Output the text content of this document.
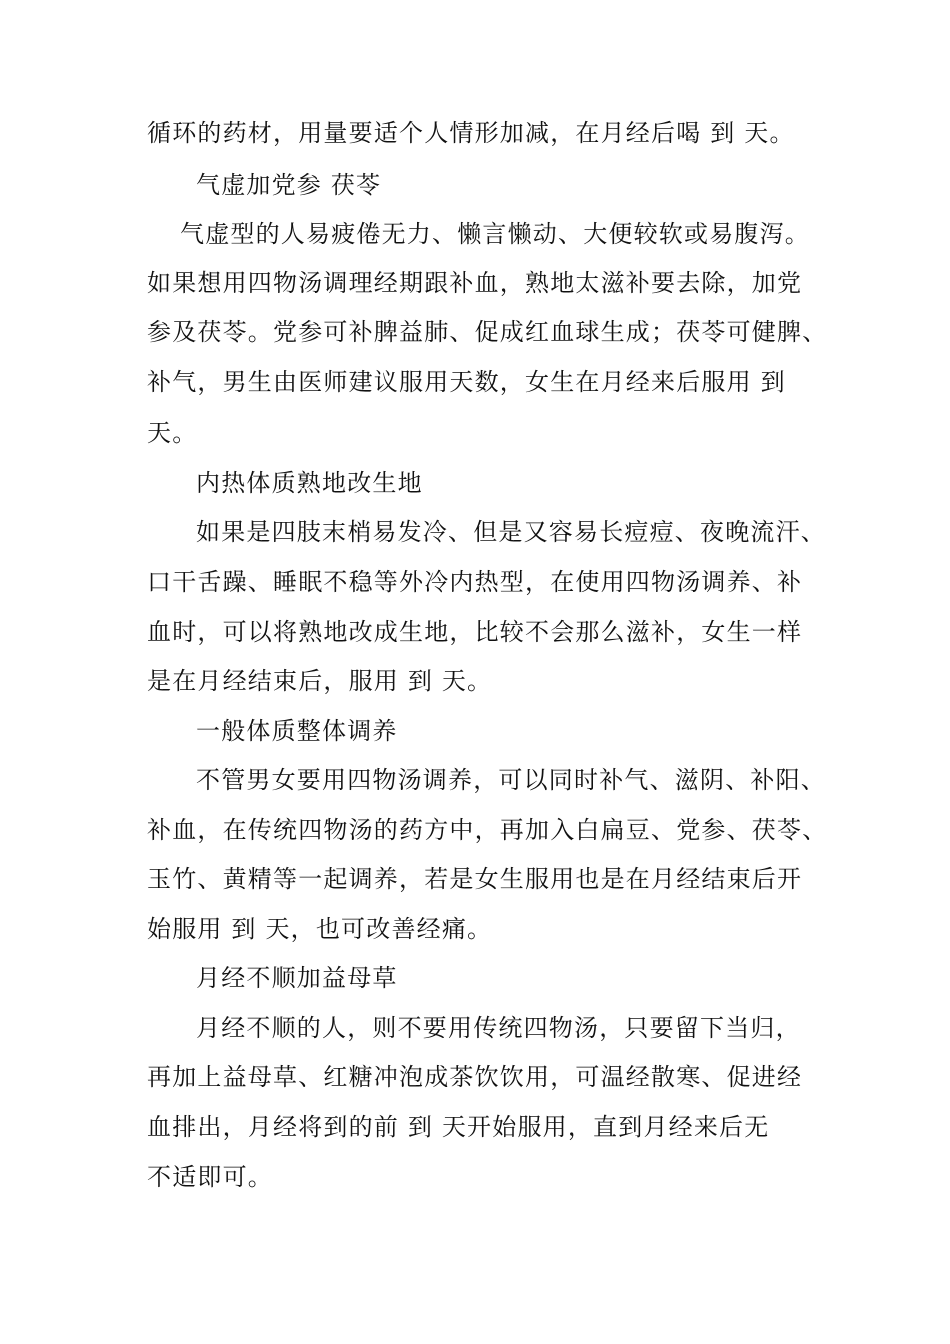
循环的药材，用量要适个人情形加减，在月经后喝 到 天。
气虚加党参 茯苓
气虚型的人易疲倦无力、懒言懒动、大便较软或易腹泻。
如果想用四物汤调理经期跟补血，熟地太滋补要去除，加党
参及茯苓。党参可补脾益肺、促成红血球生成；茯苓可健脾、
补气，男生由医师建议服用天数，女生在月经来后服用 到
天。
内热体质熟地改生地
如果是四肢末梢易发冷、但是又容易长痘痘、夜晚流汗、
口干舌躁、睡眠不稳等外冷内热型，在使用四物汤调养、补
血时，可以将熟地改成生地，比较不会那么滋补，女生一样
是在月经结束后，服用 到 天。
一般体质整体调养
不管男女要用四物汤调养，可以同时补气、滋阴、补阳、
补血，在传统四物汤的药方中，再加入白扁豆、党参、茯苓、
玉竹、黄精等一起调养，若是女生服用也是在月经结束后开
始服用 到 天，也可改善经痛。
月经不顺加益母草
月经不顺的人，则不要用传统四物汤，只要留下当归，
再加上益母草、红糖冲泡成茶饮饮用，可温经散寒、促进经
血排出，月经将到的前 到 天开始服用，直到月经来后无
不适即可。
